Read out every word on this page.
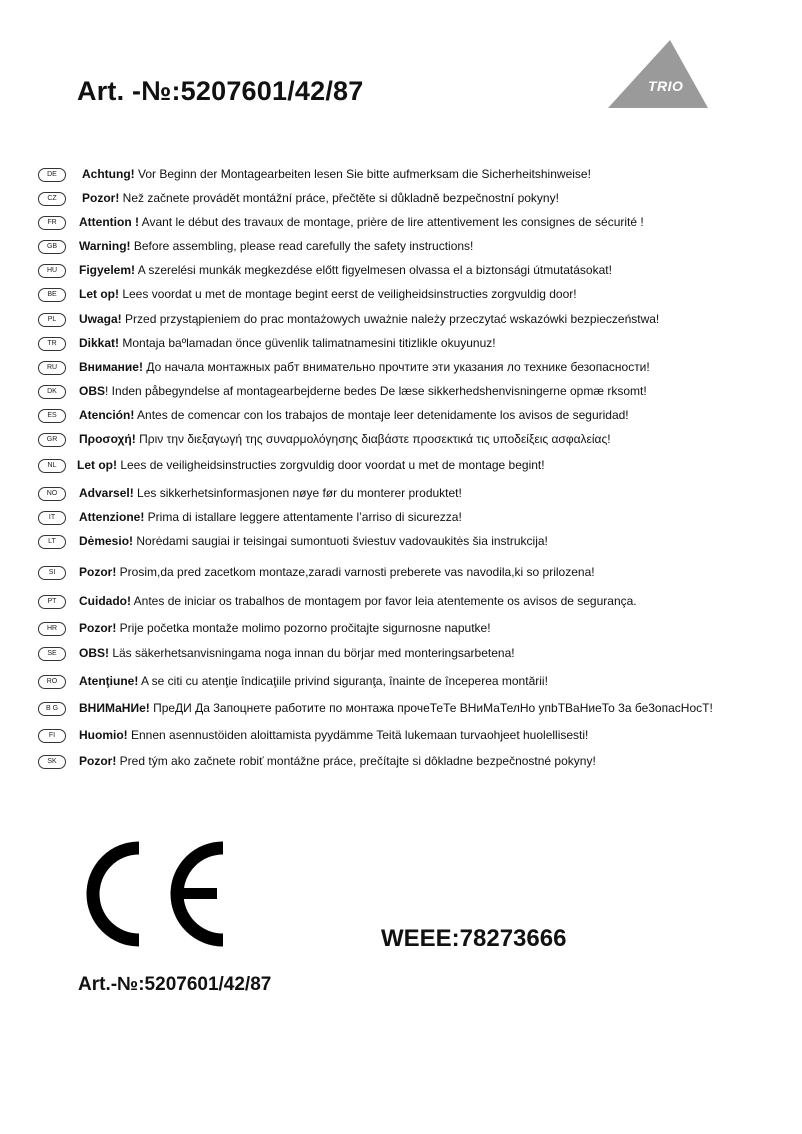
Art. -№:5207601/42/87	TRIO
DE	Achtung! Vor Beginn der Montagearbeiten lesen Sie bitte aufmerksam die Sicherheitshinweise!
CZ	Pozor! Než začnete provádět montážní práce, přečtěte si důkladně bezpečnostní pokyny!
FR	Attention ! Avant le début des travaux de montage, prière de lire attentivement les consignes de sécurité !
GB	Warning! Before assembling, please read carefully the safety instructions!
HU	Figyelem! A szerelési munkák megkezdése előtt figyelmesen olvassa el a biztonsági útmutatásokat!
BE	Let op! Lees voordat u met de montage begint eerst de veiligheidsinstructies zorgvuldig door!
PL	Uwaga! Przed przystąpieniem do prac montażowych uważnie należy przeczytać wskazówki bezpieczeństwa!
TR	Dikkat! Montaja baºlamadan önce güvenlik talimatnamesini titizlikle okuyunuz!
RU	Внимание! До начала монтажных рабт внимательно прочтите эти указания ло технике безопасности!
DK	OBS! Inden påbegyndelse af montagearbejderne bedes De læse sikkerhedshenvisningerne opmæ rksomt!
ES	Atención! Antes de comencar con los trabajos de montaje leer detenidamente los avisos de seguridad!
GR	Προσοχή! Πριν την διεξαγωγή της συναρμολόγησης διαβάστε προσεκτικά τις υποδείξεις ασφαλείας!
NL	Let op! Lees de veiligheidsinstructies zorgvuldig door voordat u met de montage begint!
NO	Advarsel! Les sikkerhetsinformasjonen nøye før du monterer produktet!
IT	Attenzione! Prima di istallare leggere attentamente l’arriso di sicurezza!
LT	Dėmesio! Norėdami saugiai ir teisingai sumontuoti šviestuv vadovaukitės šia instrukcija!
SI	Pozor! Prosim,da pred zacetkom montaze,zaradi varnosti preberete vas navodila,ki so prilozena!
PT	Cuidado! Antes de iniciar os trabalhos de montagem por favor leia atentemente os avisos de segurança.
HR	Pozor! Prije početka montaže molimo pozorno pročitajte sigurnosne naputke!
SE	OBS! Läs säkerhetsanvisningama noga innan du börjar med monteringsarbetena!
RO	Atenţiune! A se citi cu atenţie îndicaţiile privind siguranţa, înainte de începerea montării!
B G	ВНИМаНИе! ПреДИ Да 3апоцнете работите по монтажа прочеТеТе ВНиМаТелНо упbТВаНиеТо 3а бе3опасНосТ!
FI	Huomio! Ennen asennustöiden aloittamista pyydämme Teitä lukemaan turvaohjeet huolellisesti!
SK	Pozor! Pred tým ako začnete robiť montážne práce, prečítajte si dôkladne bezpečnostné pokyny!
WEEE:78273666
Art.-№:5207601/42/87
